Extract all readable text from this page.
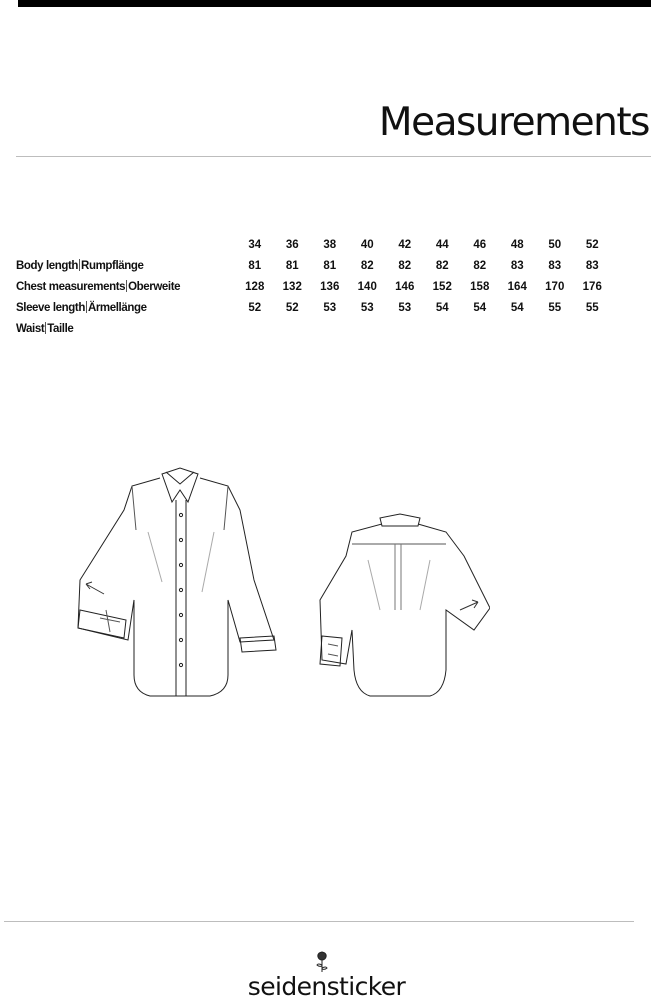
Measurements
	34	36	38	40	42	44	46	48	50	52
Body length Rumpflänge	81	81	81	82	82	82	82	83	83	83
Chest measurements Oberweite	128	132	136	140	146	152	158	164	170	176
Sleeve length Ärmellänge	52	52	53	53	53	54	54	54	55	55
Waist Taille										
seidensticker
